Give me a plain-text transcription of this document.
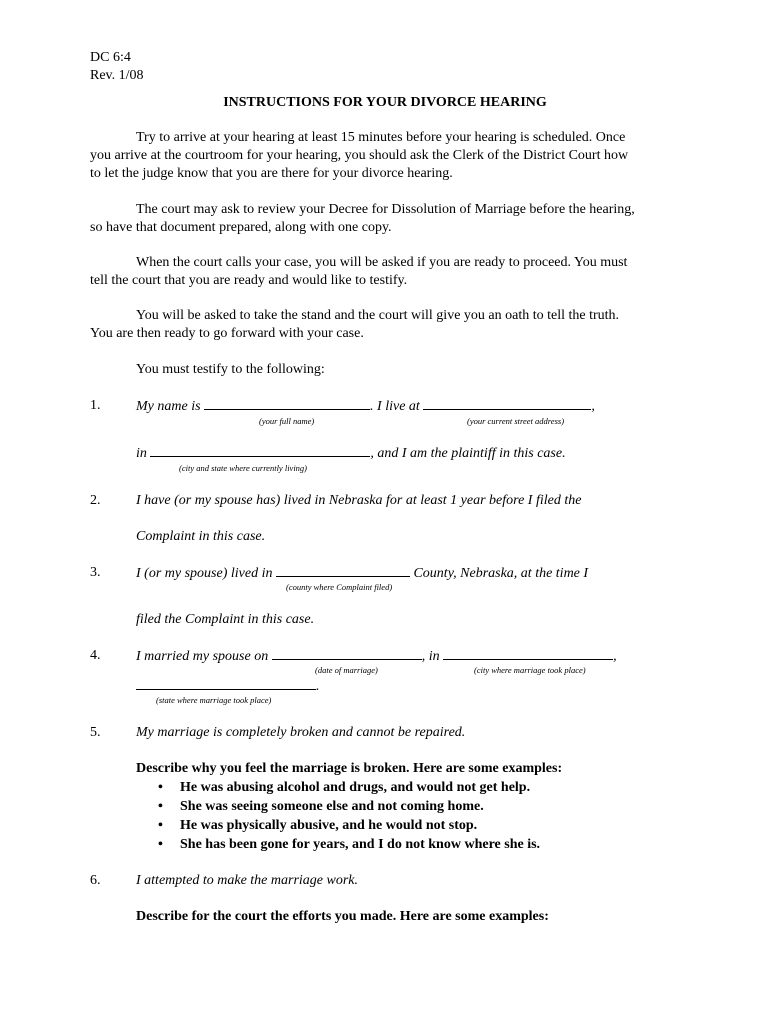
DC 6:4
Rev. 1/08
INSTRUCTIONS FOR YOUR DIVORCE HEARING
Try to arrive at your hearing at least 15 minutes before your hearing is scheduled. Once
you arrive at the courtroom for your hearing, you should ask the Clerk of the District Court how
to let the judge know that you are there for your divorce hearing.
The court may ask to review your Decree for Dissolution of Marriage before the hearing,
so have that document prepared, along with one copy.
When the court calls your case, you will be asked if you are ready to proceed. You must
tell the court that you are ready and would like to testify.
You will be asked to take the stand and the court will give you an oath to tell the truth.
You are then ready to go forward with your case.
You must testify to the following:
1.	My name is	. I live at	,
(your full name)	(your current street address)
in	, and I am the plaintiff in this case.
(city and state where currently living)
2.	I have (or my spouse has) lived in Nebraska for at least 1 year before I filed the
Complaint in this case.
3.	I (or my spouse) lived in	County, Nebraska, at the time I
(county where Complaint filed)
filed the Complaint in this case.
4.	I married my spouse on	, in	,
(date of marriage)	(city where marriage took place)
.
(state where marriage took place)
5.	My marriage is completely broken and cannot be repaired.
Describe why you feel the marriage is broken. Here are some examples:
• He was abusing alcohol and drugs, and would not get help.
• She was seeing someone else and not coming home.
• He was physically abusive, and he would not stop.
• She has been gone for years, and I do not know where she is.
6.	I attempted to make the marriage work.
Describe for the court the efforts you made. Here are some examples:
